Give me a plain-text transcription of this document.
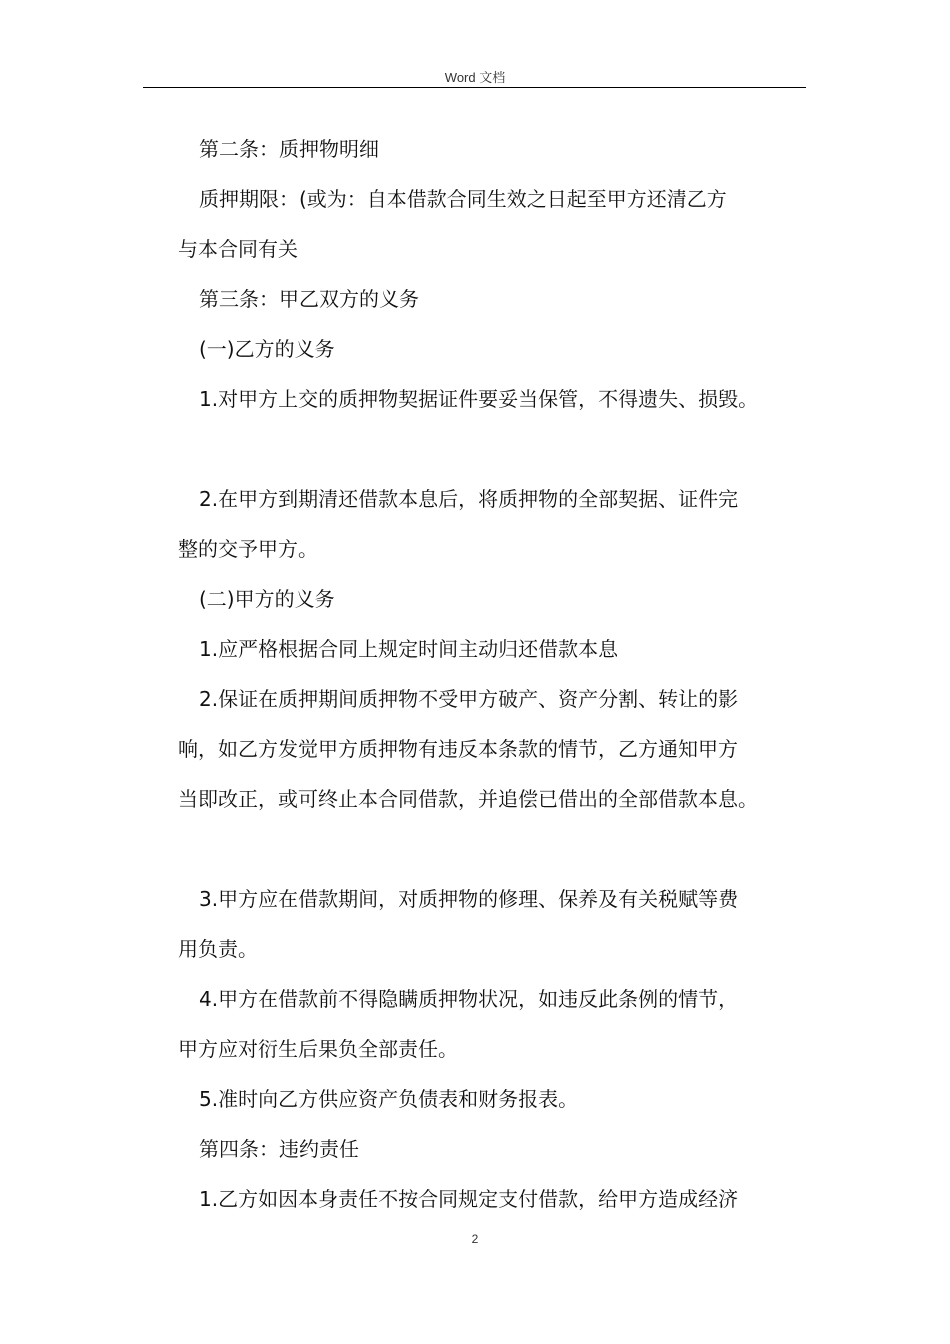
Word 文档
第二条：质押物明细
质押期限：(或为：自本借款合同生效之日起至甲方还清乙方
与本合同有关
第三条：甲乙双方的义务
(一)乙方的义务
1.对甲方上交的质押物契据证件要妥当保管，不得遗失、损毁。
2.在甲方到期清还借款本息后，将质押物的全部契据、证件完
整的交予甲方。
(二)甲方的义务
1.应严格根据合同上规定时间主动归还借款本息
2.保证在质押期间质押物不受甲方破产、资产分割、转让的影
响，如乙方发觉甲方质押物有违反本条款的情节，乙方通知甲方
当即改正，或可终止本合同借款，并追偿已借出的全部借款本息。
3.甲方应在借款期间，对质押物的修理、保养及有关税赋等费
用负责。
4.甲方在借款前不得隐瞒质押物状况，如违反此条例的情节，
甲方应对衍生后果负全部责任。
5.准时向乙方供应资产负债表和财务报表。
第四条：违约责任
1.乙方如因本身责任不按合同规定支付借款，给甲方造成经济
2
